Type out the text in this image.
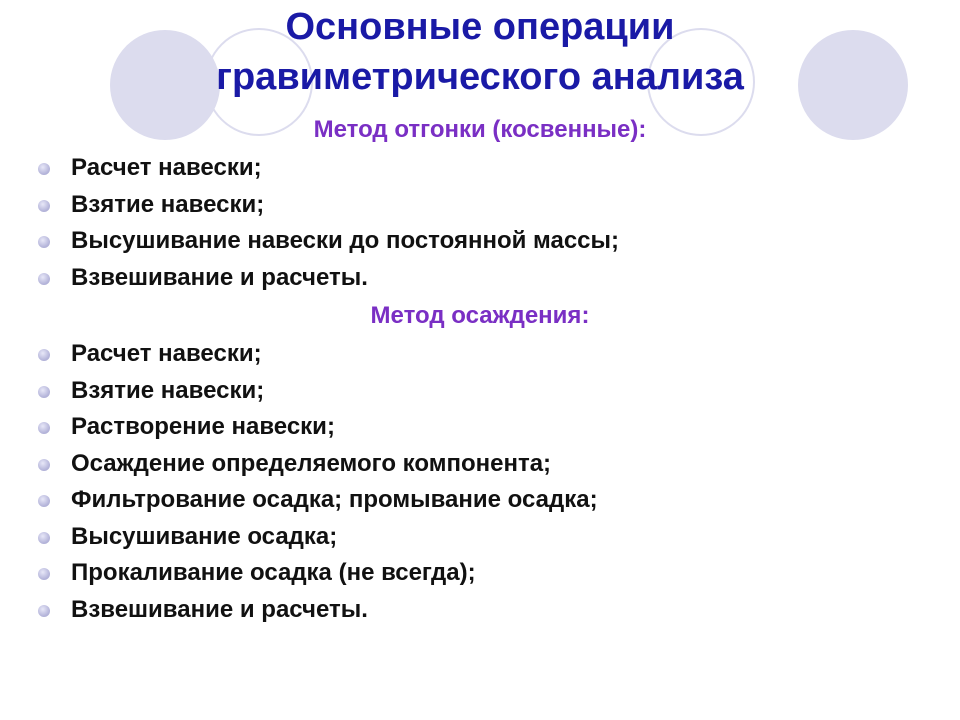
Основные операции
гравиметрического анализа
Метод отгонки (косвенные):
Расчет навески;
Взятие навески;
Высушивание навески до постоянной массы;
Взвешивание и расчеты.
Метод осаждения:
Расчет навески;
Взятие навески;
Растворение навески;
Осаждение определяемого компонента;
Фильтрование осадка; промывание осадка;
Высушивание осадка;
Прокаливание осадка (не всегда);
Взвешивание и расчеты.
